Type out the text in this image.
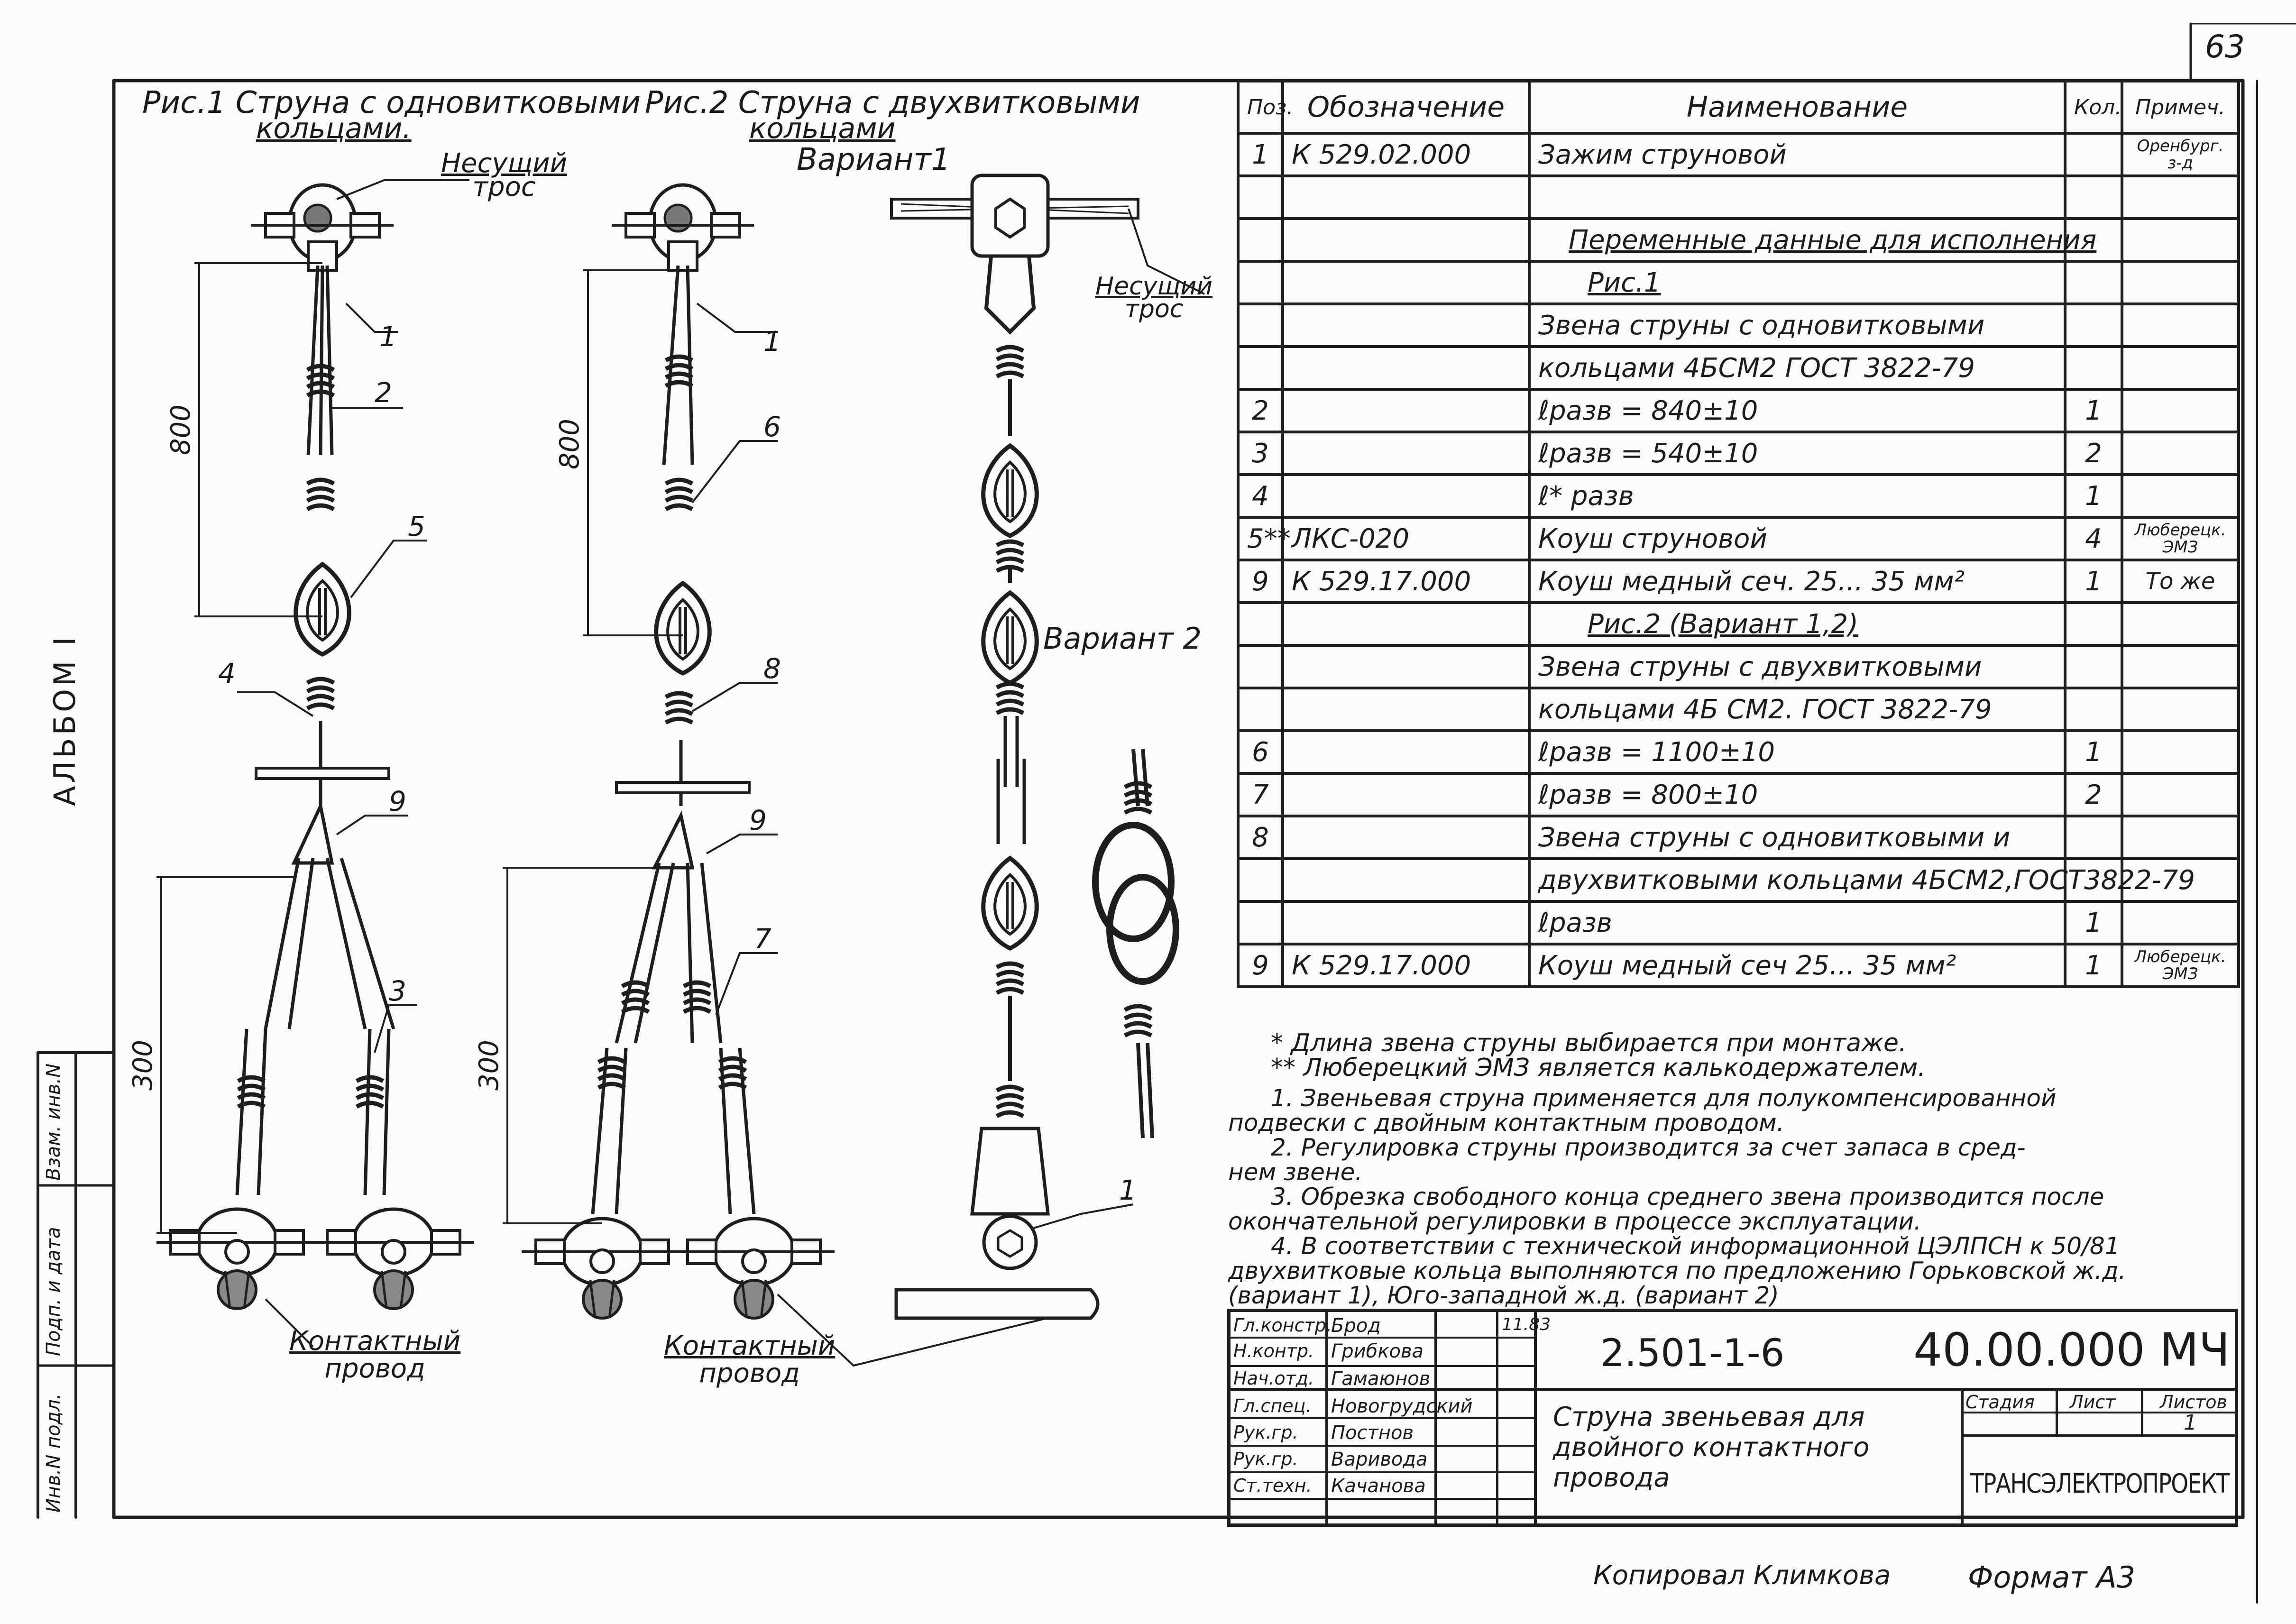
63
АЛЬБОМ I
Инв.N подл.
Подп. и дата
Взам. инв.N
Рис.1 Струна с одновитковыми
кольцами.
Рис.2 Струна с двухвитковыми
кольцами
Вариант1
Вариант 2
Несущий
трос
Несущий
трос
Контактный
провод
Контактный
провод
1
2
5
4
9
3
1
6
8
9
7
1
800	800
300	300
Поз.	Обозначение	Наименование	Кол.	Примеч.
1	К 529.02.000	Зажим струновой		Оренбург. з-д

		Переменные данные для исполнения		
		Рис.1		
		Звена струны с одновитковыми		
		кольцами 4БСМ2 ГОСТ 3822-79		
2		ℓразв = 840±10	1	
3		ℓразв = 540±10	2	
4		ℓ* разв	1	
5**	ЛКС-020	Коуш струновой	4	Люберецк. ЭМЗ
9	К 529.17.000	Коуш медный сеч. 25... 35 мм²	1	То же
		Рис.2 (Вариант 1,2)		
		Звена струны с двухвитковыми		
		кольцами 4Б СМ2. ГОСТ 3822-79		
6		ℓразв = 1100±10	1	
7		ℓразв = 800±10	2	
8		Звена струны с одновитковыми и		
		двухвитковыми кольцами 4БСМ2,ГОСТ3822-79		
		ℓразв	1	
9	К 529.17.000	Коуш медный сеч 25... 35 мм²	1	Люберецк. ЭМЗ
* Длина звена струны выбирается при монтаже.
** Люберецкий ЭМЗ является калькодержателем.
1. Звеньевая струна применяется для полукомпенсированной
подвески с двойным контактным проводом.
2. Регулировка струны производится за счет запаса в сред-
нем звене.
3. Обрезка свободного конца среднего звена производится после
окончательной регулировки в процессе эксплуатации.
4. В соответствии с технической информационной ЦЭЛПСН к 50/81
двухвитковые кольца выполняются по предложению Горьковской ж.д.
(вариант 1), Юго-западной ж.д. (вариант 2)
Гл.констр.
Брод
Н.контр. Грибкова
Нач.отд. Гамаюнов
Гл.спец. Новогрудский
Рук.гр. Постнов
Рук.гр. Варивода
Ст.техн. Качанова
11.83
2.501-1-6	40.00.000 МЧ
Струна звеньевая для
двойного контактного
провода
Стадия Лист Листов
1
ТРАНСЭЛЕКТРОПРОЕКТ
Копировал Климкова	Формат А3
